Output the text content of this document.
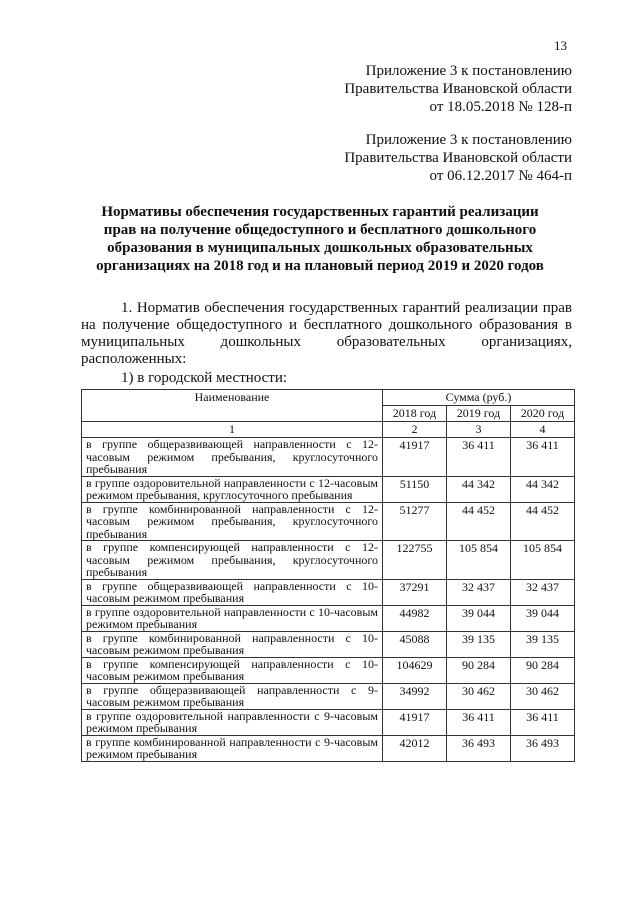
13
Приложение 3 к постановлению
Правительства Ивановской области
от 18.05.2018 № 128-п
Приложение 3 к постановлению
Правительства Ивановской области
от 06.12.2017 № 464-п
Нормативы обеспечения государственных гарантий реализации прав на получение общедоступного и бесплатного дошкольного образования в муниципальных дошкольных образовательных организациях на 2018 год и на плановый период 2019 и 2020 годов
1. Норматив обеспечения государственных гарантий реализации прав на получение общедоступного и бесплатного дошкольного образования в муниципальных дошкольных образовательных организациях, расположенных:
1) в городской местности:
Наименование	Сумма (руб.)		
	2018 год	2019 год	2020 год
1	2	3	4
в группе общеразвивающей направленности с 12-часовым режимом пребывания, круглосуточного пребывания	41917	36 411	36 411
в группе оздоровительной направленности с 12-часовым режимом пребывания, круглосуточного пребывания	51150	44 342	44 342
в группе комбинированной направленности с 12-часовым режимом пребывания, круглосуточного пребывания	51277	44 452	44 452
в группе компенсирующей направленности с 12-часовым режимом пребывания, круглосуточного пребывания	122755	105 854	105 854
в группе общеразвивающей направленности с 10-часовым режимом пребывания	37291	32 437	32 437
в группе оздоровительной направленности с 10-часовым режимом пребывания	44982	39 044	39 044
в группе комбинированной направленности с 10-часовым режимом пребывания	45088	39 135	39 135
в группе компенсирующей направленности с 10-часовым режимом пребывания	104629	90 284	90 284
в группе общеразвивающей направленности с 9-часовым режимом пребывания	34992	30 462	30 462
в группе оздоровительной направленности с 9-часовым режимом пребывания	41917	36 411	36 411
в группе комбинированной направленности с 9-часовым режимом пребывания	42012	36 493	36 493
